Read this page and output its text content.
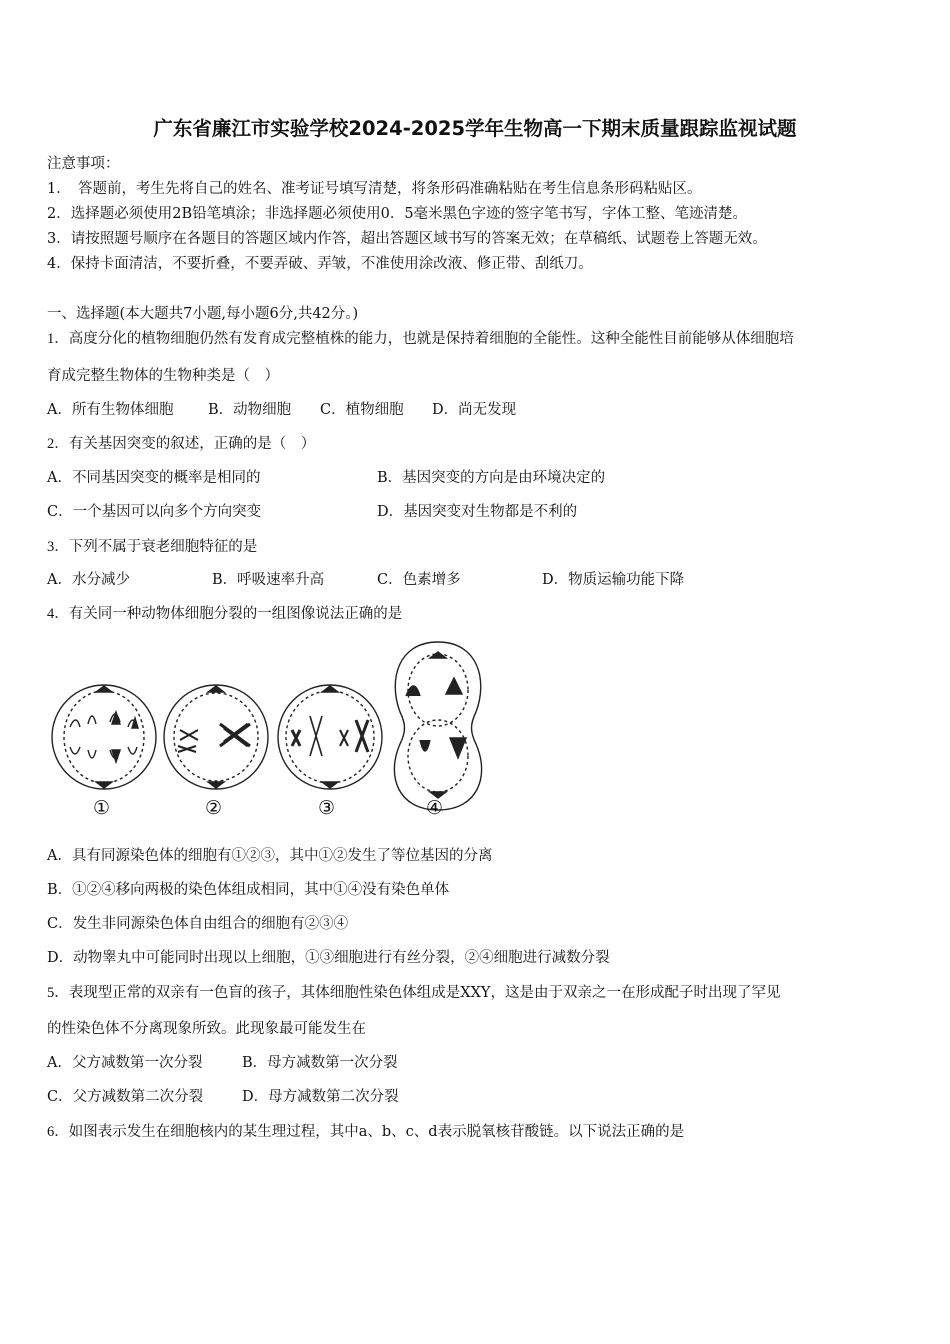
广东省廉江市实验学校2024-2025学年生物高一下期末质量跟踪监视试题
注意事项：
1．　答题前，考生先将自己的姓名、准考证号填写清楚，将条形码准确粘贴在考生信息条形码粘贴区。
2．选择题必须使用2B铅笔填涂；非选择题必须使用0．5毫米黑色字迹的签字笔书写，字体工整、笔迹清楚。
3．请按照题号顺序在各题目的答题区域内作答，超出答题区域书写的答案无效；在草稿纸、试题卷上答题无效。
4．保持卡面清洁，不要折叠，不要弄破、弄皱，不准使用涂改液、修正带、刮纸刀。
一、选择题(本大题共7小题,每小题6分,共42分。)
1．高度分化的植物细胞仍然有发育成完整植株的能力，也就是保持着细胞的全能性。这种全能性目前能够从体细胞培
育成完整生物体的生物种类是（　）
A．所有生物体细胞 B．动物细胞 C．植物细胞 D．尚无发现
2．有关基因突变的叙述，正确的是（　）
A．不同基因突变的概率是相同的	B．基因突变的方向是由环境决定的
C．一个基因可以向多个方向突变	D．基因突变对生物都是不利的
3．下列不属于衰老细胞特征的是
A．水分减少	B．呼吸速率升高	C．色素增多	D．物质运输功能下降
4．有关同一种动物体细胞分裂的一组图像说法正确的是
①	②	③	④
A．具有同源染色体的细胞有①②③，其中①②发生了等位基因的分离
B．①②④移向两极的染色体组成相同，其中①④没有染色单体
C．发生非同源染色体自由组合的细胞有②③④
D．动物睾丸中可能同时出现以上细胞，①③细胞进行有丝分裂，②④细胞进行减数分裂
5．表现型正常的双亲有一色盲的孩子，其体细胞性染色体组成是XXY，这是由于双亲之一在形成配子时出现了罕见
的性染色体不分离现象所致。此现象最可能发生在
A．父方减数第一次分裂	B．母方减数第一次分裂
C．父方减数第二次分裂	D．母方减数第二次分裂
6．如图表示发生在细胞核内的某生理过程，其中a、b、c、d表示脱氧核苷酸链。以下说法正确的是
